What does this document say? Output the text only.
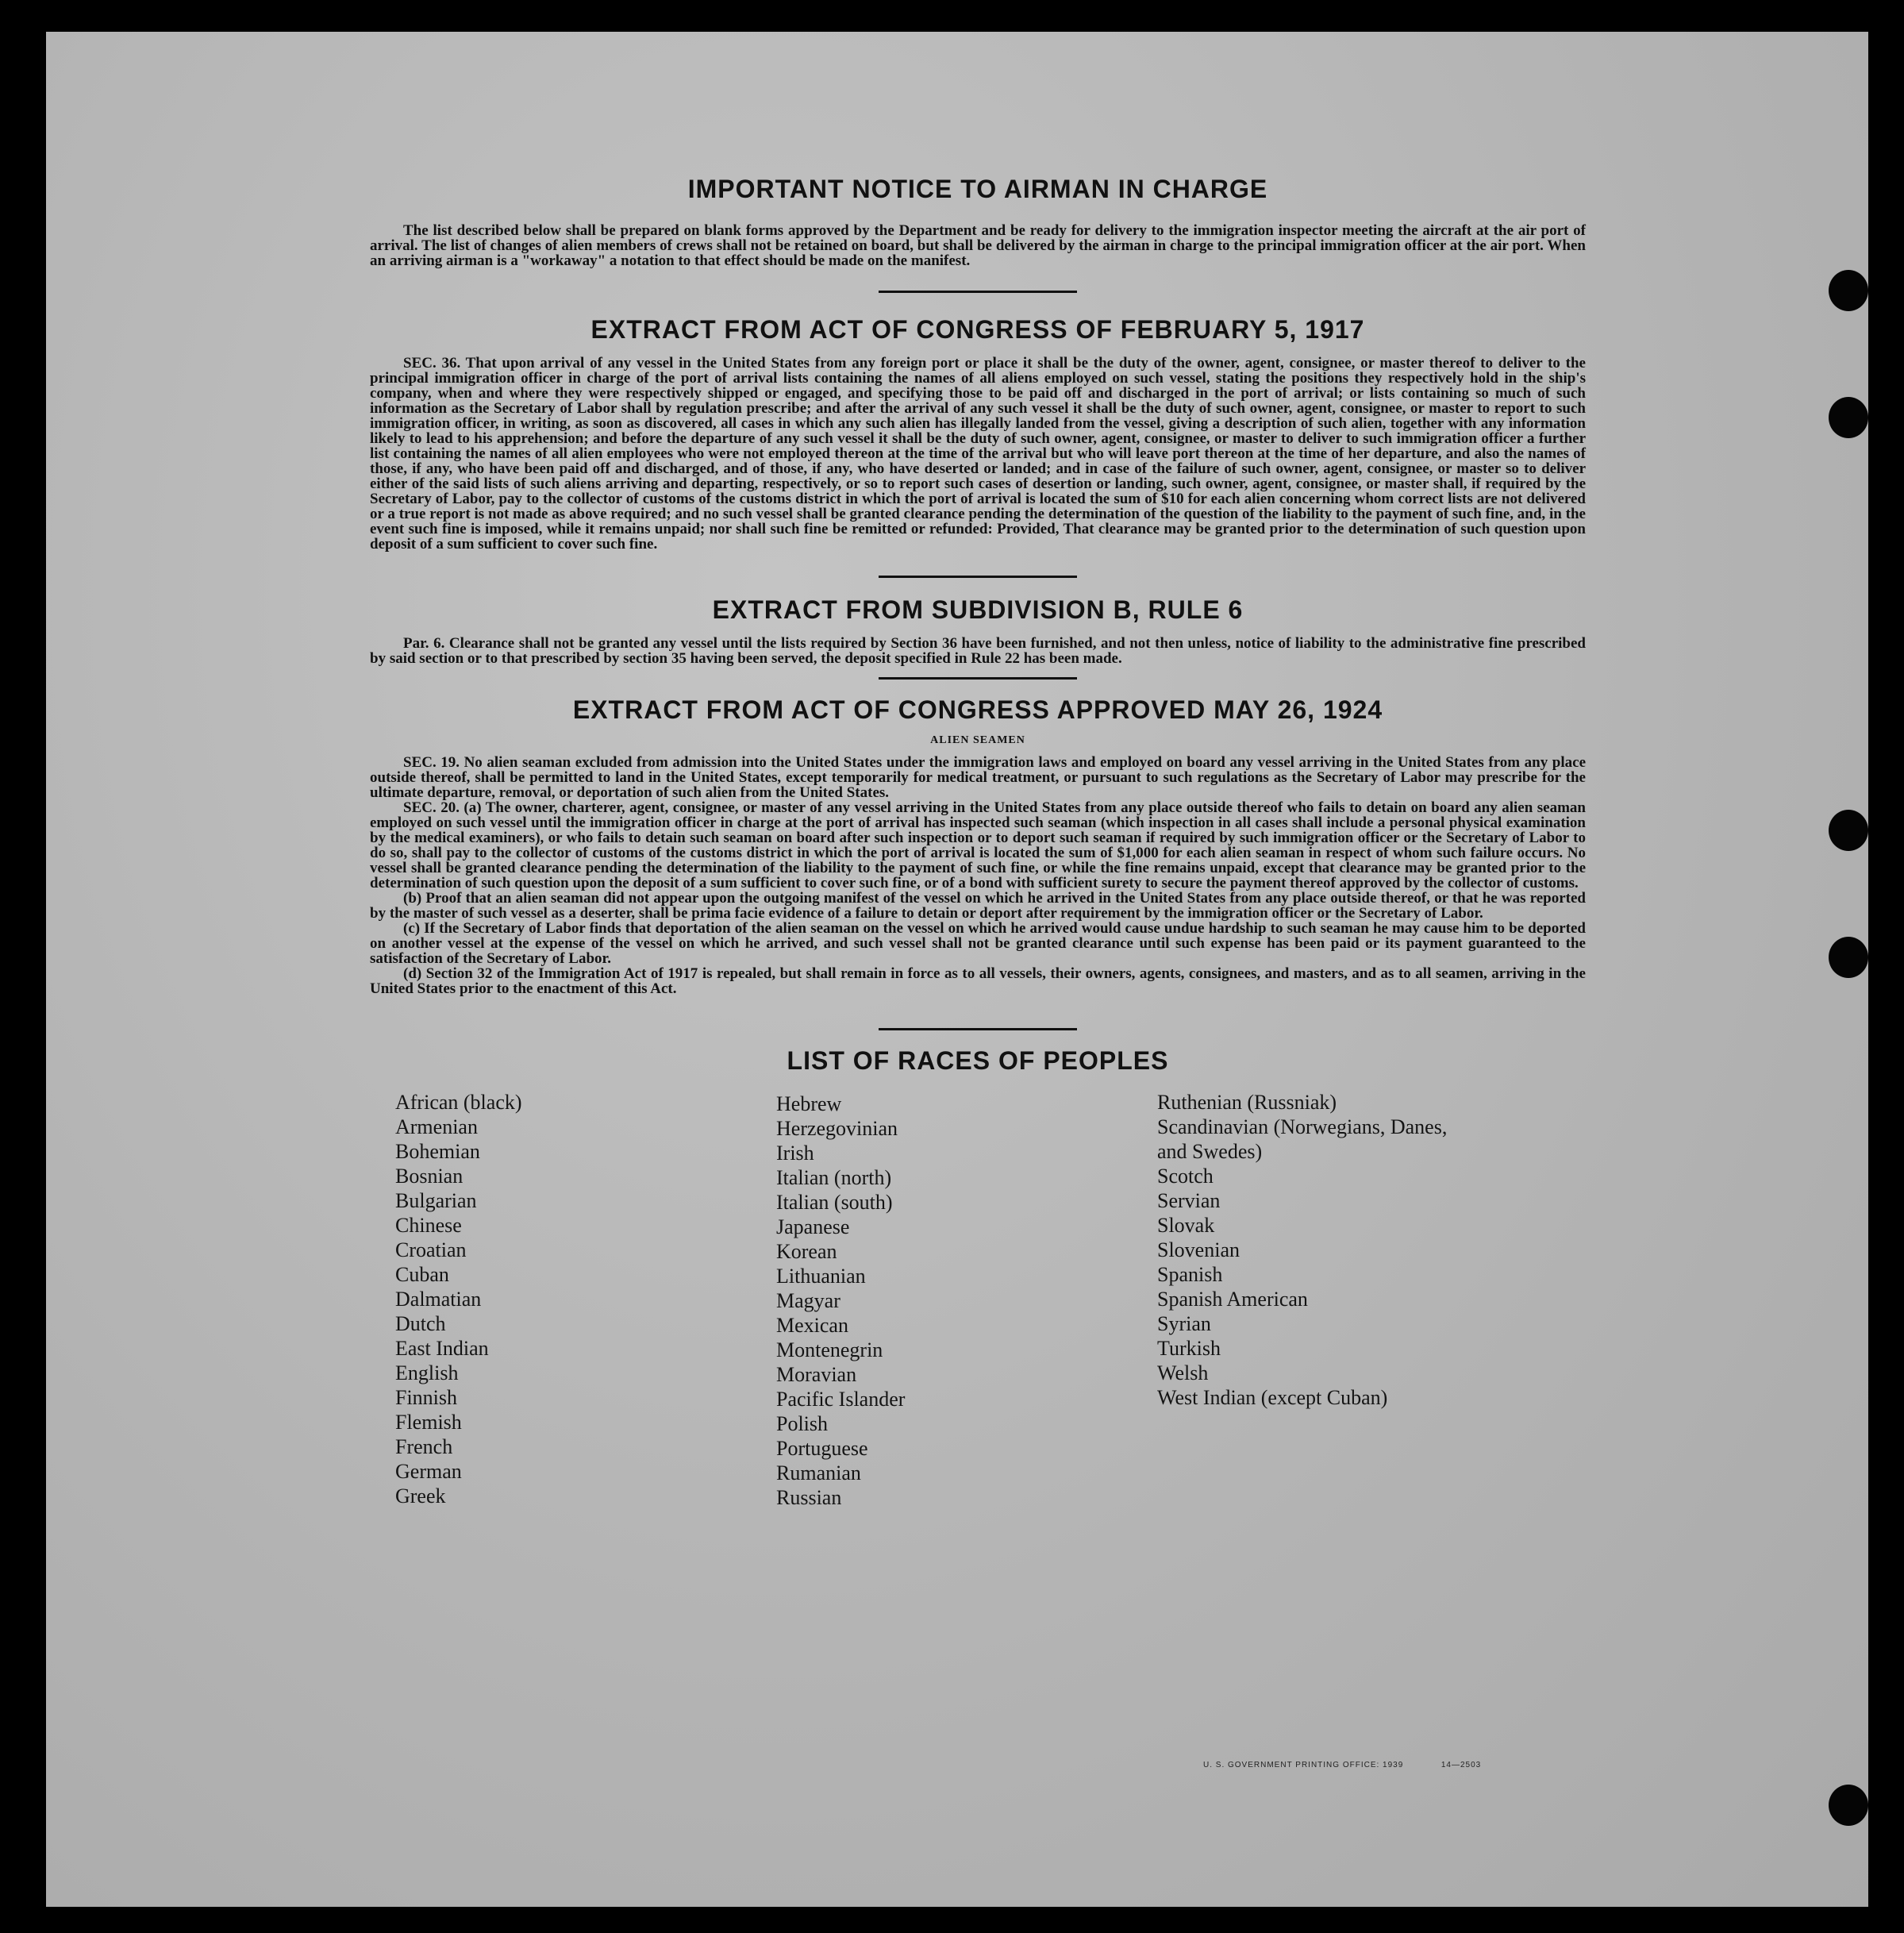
IMPORTANT NOTICE TO AIRMAN IN CHARGE

The list described below shall be prepared on blank forms approved by the Department and be ready for delivery to the immigration inspector meeting the aircraft at the air port of arrival. The list of changes of alien members of crews shall not be retained on board, but shall be delivered by the airman in charge to the principal immigration officer at the air port. When an arriving airman is a "workaway" a notation to that effect should be made on the manifest.

EXTRACT FROM ACT OF CONGRESS OF FEBRUARY 5, 1917

SEC. 36. That upon arrival of any vessel in the United States from any foreign port or place it shall be the duty of the owner, agent, consignee, or master thereof to deliver to the principal immigration officer in charge of the port of arrival lists containing the names of all aliens employed on such vessel, stating the positions they respectively hold in the ship's company, when and where they were respectively shipped or engaged, and specifying those to be paid off and discharged in the port of arrival; or lists containing so much of such information as the Secretary of Labor shall by regulation prescribe; and after the arrival of any such vessel it shall be the duty of such owner, agent, consignee, or master to report to such immigration officer, in writing, as soon as discovered, all cases in which any such alien has illegally landed from the vessel, giving a description of such alien, together with any information likely to lead to his apprehension; and before the departure of any such vessel it shall be the duty of such owner, agent, consignee, or master to deliver to such immigration officer a further list containing the names of all alien employees who were not employed thereon at the time of the arrival but who will leave port thereon at the time of her departure, and also the names of those, if any, who have been paid off and discharged, and of those, if any, who have deserted or landed; and in case of the failure of such owner, agent, consignee, or master so to deliver either of the said lists of such aliens arriving and departing, respectively, or so to report such cases of desertion or landing, such owner, agent, consignee, or master shall, if required by the Secretary of Labor, pay to the collector of customs of the customs district in which the port of arrival is located the sum of $10 for each alien concerning whom correct lists are not delivered or a true report is not made as above required; and no such vessel shall be granted clearance pending the determination of the question of the liability to the payment of such fine, and, in the event such fine is imposed, while it remains unpaid; nor shall such fine be remitted or refunded: Provided, That clearance may be granted prior to the determination of such question upon deposit of a sum sufficient to cover such fine.

EXTRACT FROM SUBDIVISION B, RULE 6

Par. 6. Clearance shall not be granted any vessel until the lists required by Section 36 have been furnished, and not then unless, notice of liability to the administrative fine prescribed by said section or to that prescribed by section 35 having been served, the deposit specified in Rule 22 has been made.

EXTRACT FROM ACT OF CONGRESS APPROVED MAY 26, 1924
ALIEN SEAMEN

SEC. 19. No alien seaman excluded from admission into the United States under the immigration laws and employed on board any vessel arriving in the United States from any place outside thereof, shall be permitted to land in the United States, except temporarily for medical treatment, or pursuant to such regulations as the Secretary of Labor may prescribe for the ultimate departure, removal, or deportation of such alien from the United States.

SEC. 20. (a) The owner, charterer, agent, consignee, or master of any vessel arriving in the United States from any place outside thereof who fails to detain on board any alien seaman employed on such vessel until the immigration officer in charge at the port of arrival has inspected such seaman (which inspection in all cases shall include a personal physical examination by the medical examiners), or who fails to detain such seaman on board after such inspection or to deport such seaman if required by such immigration officer or the Secretary of Labor to do so, shall pay to the collector of customs of the customs district in which the port of arrival is located the sum of $1,000 for each alien seaman in respect of whom such failure occurs. No vessel shall be granted clearance pending the determination of the liability to the payment of such fine, or while the fine remains unpaid, except that clearance may be granted prior to the determination of such question upon the deposit of a sum sufficient to cover such fine, or of a bond with sufficient surety to secure the payment thereof approved by the collector of customs.

(b) Proof that an alien seaman did not appear upon the outgoing manifest of the vessel on which he arrived in the United States from any place outside thereof, or that he was reported by the master of such vessel as a deserter, shall be prima facie evidence of a failure to detain or deport after requirement by the immigration officer or the Secretary of Labor.

(c) If the Secretary of Labor finds that deportation of the alien seaman on the vessel on which he arrived would cause undue hardship to such seaman he may cause him to be deported on another vessel at the expense of the vessel on which he arrived, and such vessel shall not be granted clearance until such expense has been paid or its payment guaranteed to the satisfaction of the Secretary of Labor.

(d) Section 32 of the Immigration Act of 1917 is repealed, but shall remain in force as to all vessels, their owners, agents, consignees, and masters, and as to all seamen, arriving in the United States prior to the enactment of this Act.

LIST OF RACES OF PEOPLES
African (black)
Armenian
Bohemian
Bosnian
Bulgarian
Chinese
Croatian
Cuban
Dalmatian
Dutch
East Indian
English
Finnish
Flemish
French
German
Greek
Hebrew
Herzegovinian
Irish
Italian (north)
Italian (south)
Japanese
Korean
Lithuanian
Magyar
Mexican
Montenegrin
Moravian
Pacific Islander
Polish
Portuguese
Rumanian
Russian
Ruthenian (Russniak)
Scandinavian (Norwegians, Danes,
and Swedes)
Scotch
Servian
Slovak
Slovenian
Spanish
Spanish American
Syrian
Turkish
Welsh
West Indian (except Cuban)
U. S. GOVERNMENT PRINTING OFFICE: 1939	14—2503
